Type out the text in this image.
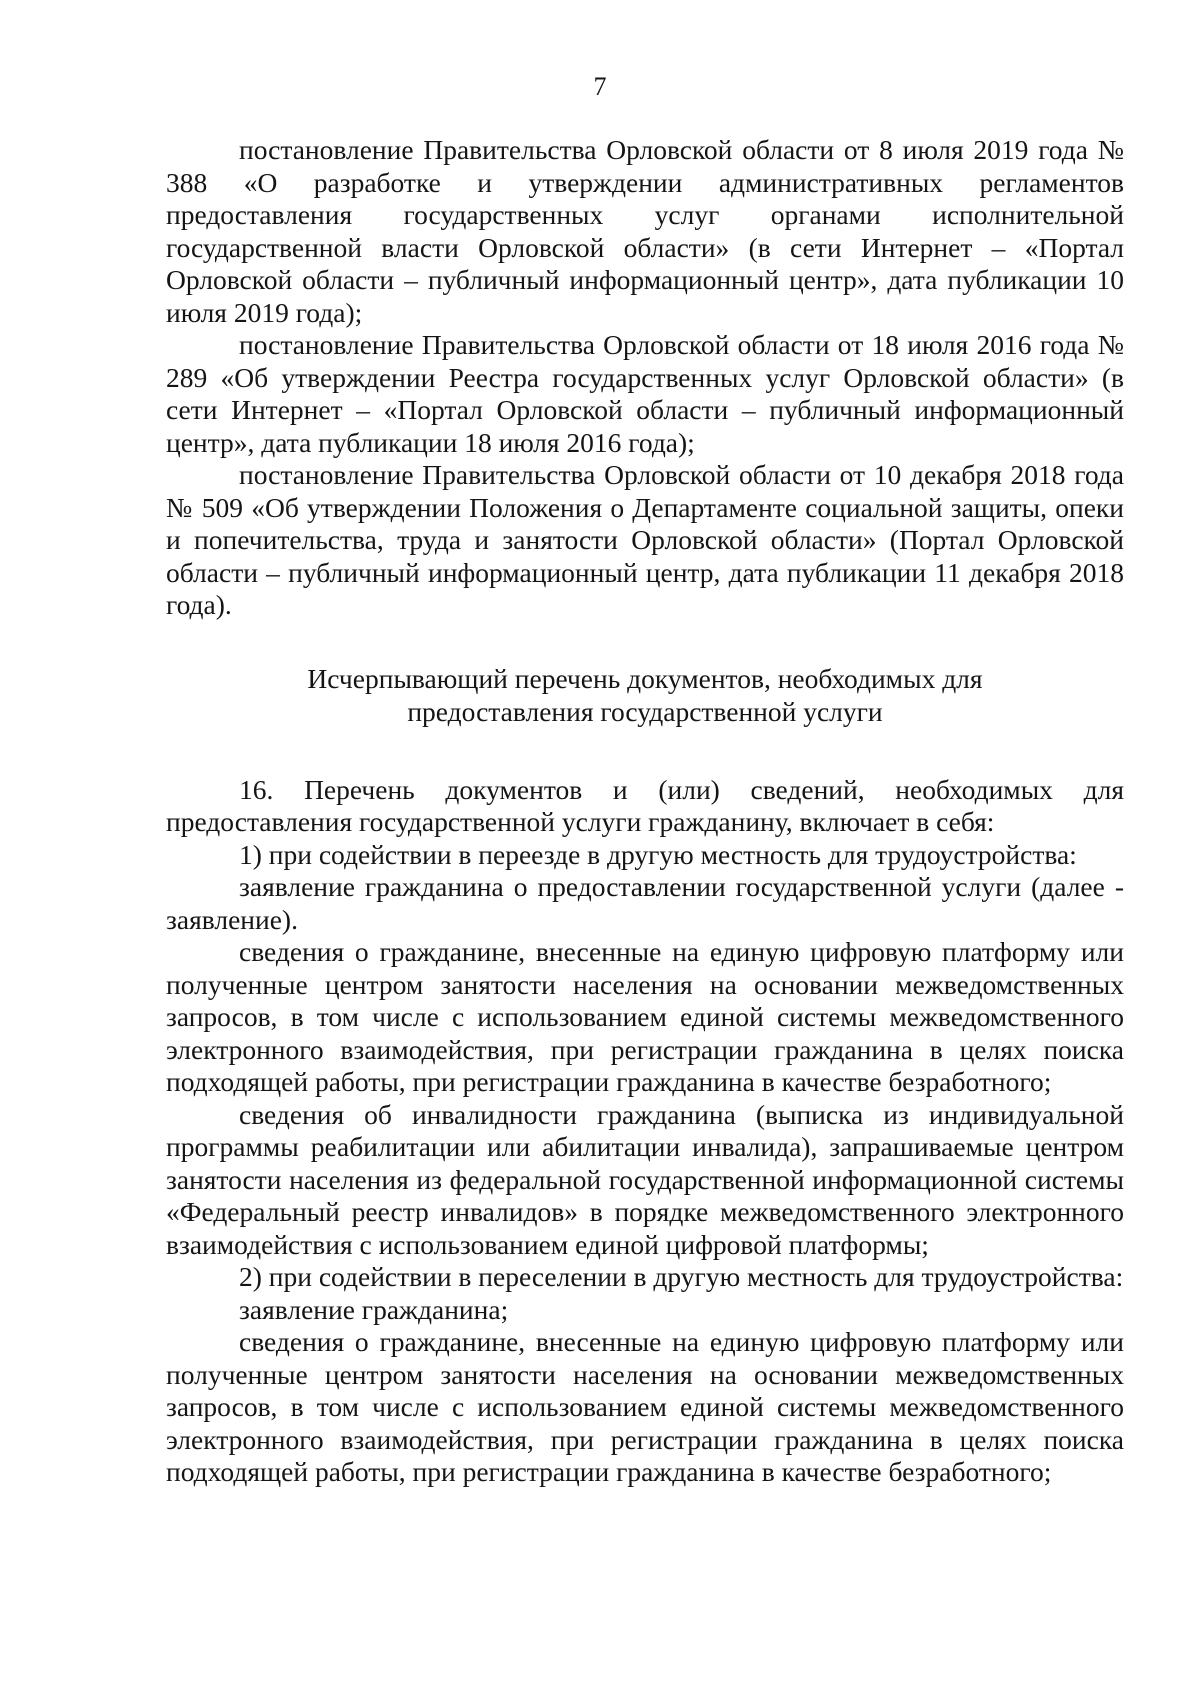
7

постановление Правительства Орловской области от 8 июля 2019 года № 388 «О разработке и утверждении административных регламентов предоставления государственных услуг органами исполнительной государственной власти Орловской области» (в сети Интернет – «Портал Орловской области – публичный информационный центр», дата публикации 10 июля 2019 года);

постановление Правительства Орловской области от 18 июля 2016 года № 289 «Об утверждении Реестра государственных услуг Орловской области» (в сети Интернет – «Портал Орловской области – публичный информационный центр», дата публикации 18 июля 2016 года);

постановление Правительства Орловской области от 10 декабря 2018 года № 509 «Об утверждении Положения о Департаменте социальной защиты, опеки и попечительства, труда и занятости Орловской области» (Портал Орловской области – публичный информационный центр, дата публикации 11 декабря 2018 года).

Исчерпывающий перечень документов, необходимых для
предоставления государственной услуги

16. Перечень документов и (или) сведений, необходимых для предоставления государственной услуги гражданину, включает в себя:

1) при содействии в переезде в другую местность для трудоустройства:

заявление гражданина о предоставлении государственной услуги (далее - заявление).

сведения о гражданине, внесенные на единую цифровую платформу или полученные центром занятости населения на основании межведомственных запросов, в том числе с использованием единой системы межведомственного электронного взаимодействия, при регистрации гражданина в целях поиска подходящей работы, при регистрации гражданина в качестве безработного;

сведения об инвалидности гражданина (выписка из индивидуальной программы реабилитации или абилитации инвалида), запрашиваемые центром занятости населения из федеральной государственной информационной системы «Федеральный реестр инвалидов» в порядке межведомственного электронного взаимодействия с использованием единой цифровой платформы;

2) при содействии в переселении в другую местность для трудоустройства:

заявление гражданина;

сведения о гражданине, внесенные на единую цифровую платформу или полученные центром занятости населения на основании межведомственных запросов, в том числе с использованием единой системы межведомственного электронного взаимодействия, при регистрации гражданина в целях поиска подходящей работы, при регистрации гражданина в качестве безработного;
